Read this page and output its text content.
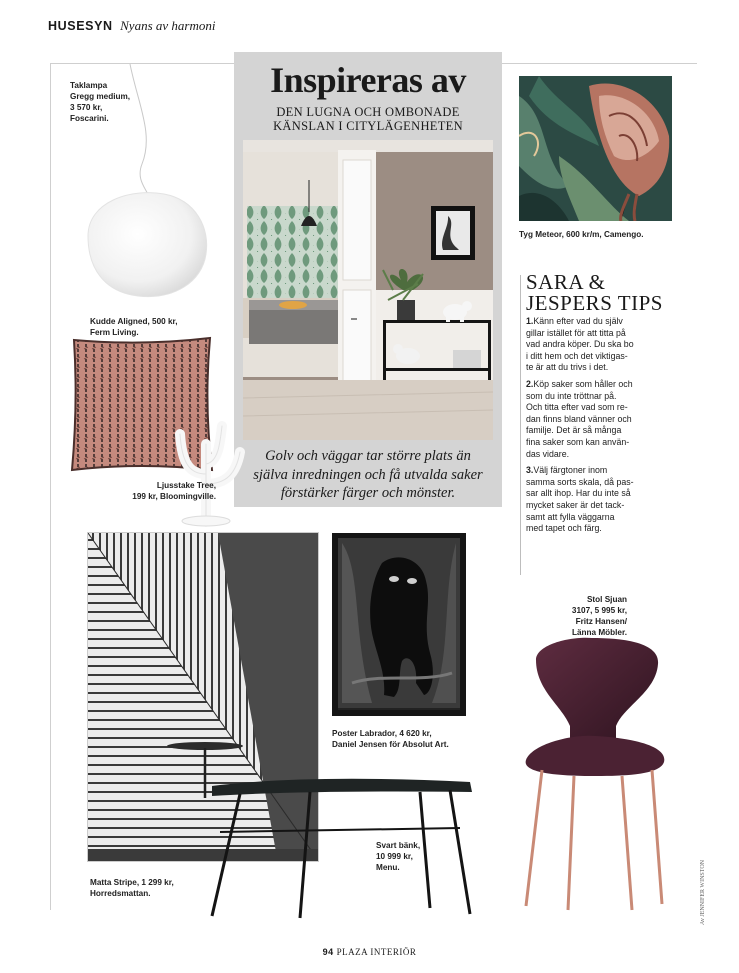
HUSESYN Nyans av harmoni
Taklampa
Gregg medium,
3 570 kr,
Foscarini.
Inspireras av
DEN LUGNA OCH OMBONADE
KÄNSLAN I CITYLÄGENHETEN
Golv och väggar tar större plats än
själva inredningen och få utvalda saker
förstärker färger och mönster.
Tyg Meteor, 600 kr/m, Camengo.
SARA &
JESPERS TIPS

1.Känn efter vad du själv
gillar istället för att titta på
vad andra köper. Du ska bo
i ditt hem och det viktigas-
te är att du trivs i det.

2.Köp saker som håller och
som du inte tröttnar på.
Och titta efter vad som re-
dan finns bland vänner och
familje. Det är så många
fina saker som kan använ-
das vidare.

3.Välj färgtoner inom
samma sorts skala, då pas-
sar allt ihop. Har du inte så
mycket saker är det tack-
samt att fylla väggarna
med tapet och färg.

Kudde Aligned, 500 kr,
Ferm Living.
Ljusstake Tree,
199 kr, Bloomingville.
Matta Stripe, 1 299 kr,
Horredsmattan.
Svart bänk,
10 999 kr,
Menu.
Poster Labrador, 4 620 kr,
Daniel Jensen för Absolut Art.
Stol Sjuan
3107, 5 995 kr,
Fritz Hansen/
Länna Möbler.
94 PLAZA INTERIÖR
Av JENNIFER WINSTON
